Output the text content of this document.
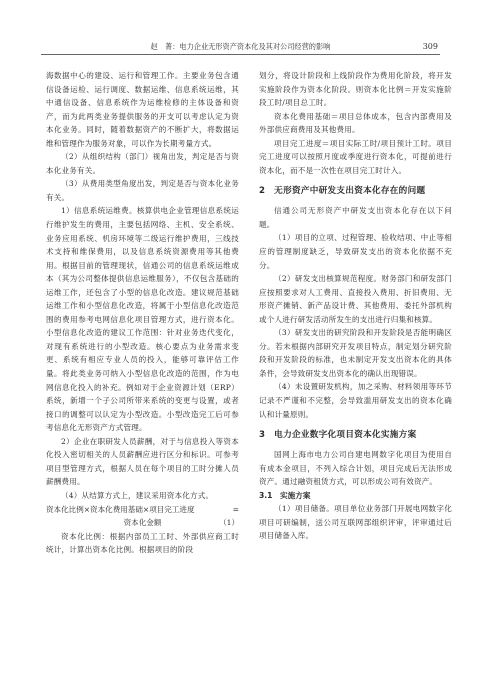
赵　菁：电力企业无形资产资本化及其对公司经营的影响	309

海数据中心的建设、运行和管理工作。主要业务包含通信设备运检、运行调度、数据运维、信息系统运维，其中通信设备、信息系统作为运维检修的主体设备和资产，而为此两类业务提供服务的开支可以考虑认定为资本化业务。同时，随着数据资产的不断扩大，将数据运维和管理作为服务对象，可以作为长期考量方式。

（2）从组织结构（部门）视角出发，判定是否与资本化业务有关。

（3）从费用类型角度出发，判定是否与资本化业务有关。

1）信息系统运维费。核算供电企业管理信息系统运行维护发生的费用，主要包括网络、主机、安全系统、业务应用系统、机房环境等二级运行维护费用，三线技术支持和维保费用，以及信息系统资源费用等其他费用。根据目前的管理现状，信通公司的信息系统运维成本（其为公司整体提供信息运维服务），不仅包含基础的运维工作，还包含了小型的信息化改造。建议规范基础运维工作和小型信息化改造，将属于小型信息化改造范围的费用参考电网信息化项目管理方式，进行资本化。小型信息化改造的建议工作范围：针对业务迭代变化，对现有系统进行的小型改造。核心要点为业务需求变更、系统有相应专业人员的投入，能够可靠评估工作量。将此类业务可纳入小型信息化改造的范围，作为电网信息化投入的补充。例如对于企业资源计划（ERP）系统，新增一个子公司所带来系统的变更与设置，或者接口的调整可以认定为小型改造。小型改造完工后可参考信息化无形资产方式管理。

2）企业在职研发人员薪酬，对于与信息投入等资本化投入密切相关的人员薪酬应进行区分和标识。可参考项目型管理方式，根据人员在每个项目的工时分摊人员薪酬费用。

（4）从结算方式上，建议采用资本化方式。

资本化比例×资本化费用基础×项目完工进度	=
资本化金额	（1）

资本化比例：根据内部员工工时、外部供应商工时统计，计算出资本化比例。根据项目的阶段

划分，将设计阶段和上线阶段作为费用化阶段，将开发实施阶段作为资本化阶段。则资本化比例＝开发实施阶段工时/项目总工时。

资本化费用基础＝项目总体成本，包含内部费用及外部供应商费用及其他费用。

项目完工进度＝项目实际工时/项目预计工时。项目完工进度可以按照月度或季度进行资本化，可提前进行资本化，而不是一次性在项目完工时计入。

2　无形资产中研发支出资本化存在的问题

信通公司无形资产中研发支出资本化存在以下问题。

（1）项目的立项、过程管理、验收结项、中止等相应的管理制度缺乏，导致研发支出的资本化依据不充分。

（2）研发支出核算规范程度。财务部门和研发部门应按照要求对人工费用、直接投入费用、折旧费用、无形资产摊销、新产品设计费、其他费用、委托外部机构或个人进行研发活动所发生的支出进行归集和核算。

（3）研发支出的研究阶段和开发阶段是否能明确区分。若未根据内部研究开发项目特点，制定划分研究阶段和开发阶段的标准，也未制定开发支出资本化的具体条件，会导致研发支出资本化的确认出现错误。

（4）未设置研发机构，加之采购、材料领用等环节记录不严谨和不完整，会导致滥用研发支出的资本化确认和计量原则。

3　电力企业数字化项目资本化实施方案

国网上海市电力公司自建电网数字化项目为使用自有成本金项目，不列入综合计划，项目完成后无法形成资产。通过融资租赁方式，可以形成公司有效资产。

3.1　实施方案

（1）项目储备。项目单位业务部门开展电网数字化项目可研编制，送公司互联网部组织评审，评审通过后项目储备入库。
